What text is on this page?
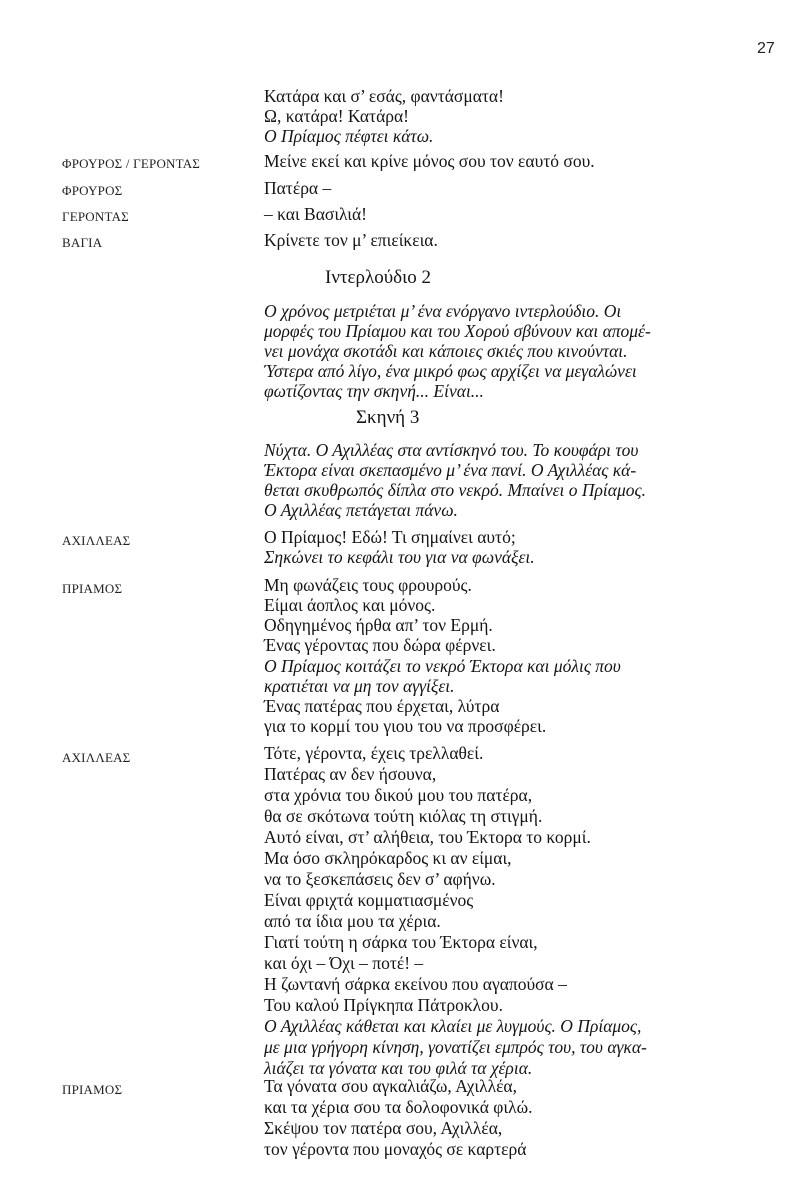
27
Κατάρα και σ’ εσάς, φαντάσματα!
Ω, κατάρα! Κατάρα!
Ο Πρίαμος πέφτει κάτω.
ΦΡΟΥΡΟΣ / ΓΕΡΟΝΤΑΣ	Μείνε εκεί και κρίνε μόνος σου τον εαυτό σου.
ΦΡΟΥΡΟΣ	Πατέρα –
ΓΕΡΟΝΤΑΣ	– και Βασιλιά!
ΒΑΓΙΑ	Κρίνετε τον μ’ επιείκεια.
Ιντερλούδιο 2
Ο χρόνος μετριέται μ’ ένα ενόργανο ιντερλούδιο. Οι
μορφές του Πρίαμου και του Χορού σβύνουν και απομέ-
νει μονάχα σκοτάδι και κάποιες σκιές που κινούνται.
Ύστερα από λίγο, ένα μικρό φως αρχίζει να μεγαλώνει
φωτίζοντας την σκηνή... Είναι...
Σκηνή 3
Νύχτα. Ο Αχιλλέας στα αντίσκηνό του. Το κουφάρι του
Έκτορα είναι σκεπασμένο μ’ ένα πανί. Ο Αχιλλέας κά-
θεται σκυθρωπός δίπλα στο νεκρό. Μπαίνει ο Πρίαμος.
Ο Αχιλλέας πετάγεται πάνω.
ΑΧΙΛΛΕΑΣ	Ο Πρίαμος! Εδώ! Τι σημαίνει αυτό;
Σηκώνει το κεφάλι του για να φωνάξει.
ΠΡΙΑΜΟΣ	Μη φωνάζεις τους φρουρούς.
Είμαι άοπλος και μόνος.
Οδηγημένος ήρθα απ’ τον Ερμή.
Ένας γέροντας που δώρα φέρνει.
Ο Πρίαμος κοιτάζει το νεκρό Έκτορα και μόλις που
κρατιέται να μη τον αγγίξει.
Ένας πατέρας που έρχεται, λύτρα
για το κορμί του γιου του να προσφέρει.
ΑΧΙΛΛΕΑΣ	Τότε, γέροντα, έχεις τρελλαθεί.
Πατέρας αν δεν ήσουνα,
στα χρόνια του δικού μου του πατέρα,
θα σε σκότωνα τούτη κιόλας τη στιγμή.
Αυτό είναι, στ’ αλήθεια, του Έκτορα το κορμί.
Μα όσο σκληρόκαρδος κι αν είμαι,
να το ξεσκεπάσεις δεν σ’ αφήνω.
Είναι φριχτά κομματιασμένος
από τα ίδια μου τα χέρια.
Γιατί τούτη η σάρκα του Έκτορα είναι,
και όχι – Όχι – ποτέ! –
Η ζωντανή σάρκα εκείνου που αγαπούσα –
Του καλού Πρίγκηπα Πάτροκλου.
Ο Αχιλλέας κάθεται και κλαίει με λυγμούς. Ο Πρίαμος,
με μια γρήγορη κίνηση, γονατίζει εμπρός του, του αγκα-
λιάζει τα γόνατα και του φιλά τα χέρια.
ΠΡΙΑΜΟΣ	Τα γόνατα σου αγκαλιάζω, Αχιλλέα,
και τα χέρια σου τα δολοφονικά φιλώ.
Σκέψου τον πατέρα σου, Αχιλλέα,
τον γέροντα που μοναχός σε καρτερά
